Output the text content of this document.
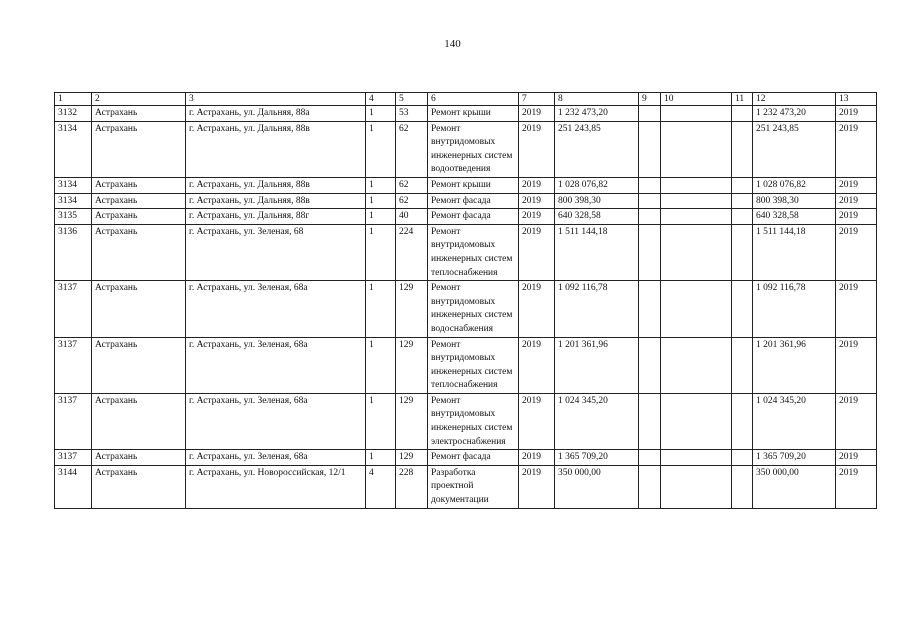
140
1	2	3	4	5	6	7	8	9	10	11	12	13
3132	Астрахань	г. Астрахань, ул. Дальняя, 88а	1	53	Ремонт крыши	2019	1 232 473,20				1 232 473,20	2019
3134	Астрахань	г. Астрахань, ул. Дальняя, 88в	1	62	Ремонт внутридомовых инженерных систем водоотведения	2019	251 243,85				251 243,85	2019
3134	Астрахань	г. Астрахань, ул. Дальняя, 88в	1	62	Ремонт крыши	2019	1 028 076,82				1 028 076,82	2019
3134	Астрахань	г. Астрахань, ул. Дальняя, 88в	1	62	Ремонт фасада	2019	800 398,30				800 398,30	2019
3135	Астрахань	г. Астрахань, ул. Дальняя, 88г	1	40	Ремонт фасада	2019	640 328,58				640 328,58	2019
3136	Астрахань	г. Астрахань, ул. Зеленая, 68	1	224	Ремонт внутридомовых инженерных систем теплоснабжения	2019	1 511 144,18				1 511 144,18	2019
3137	Астрахань	г. Астрахань, ул. Зеленая, 68а	1	129	Ремонт внутридомовых инженерных систем водоснабжения	2019	1 092 116,78				1 092 116,78	2019
3137	Астрахань	г. Астрахань, ул. Зеленая, 68а	1	129	Ремонт внутридомовых инженерных систем теплоснабжения	2019	1 201 361,96				1 201 361,96	2019
3137	Астрахань	г. Астрахань, ул. Зеленая, 68а	1	129	Ремонт внутридомовых инженерных систем электроснабжения	2019	1 024 345,20				1 024 345,20	2019
3137	Астрахань	г. Астрахань, ул. Зеленая, 68а	1	129	Ремонт фасада	2019	1 365 709,20				1 365 709,20	2019
3144	Астрахань	г. Астрахань, ул. Новороссийская, 12/1	4	228	Разработка проектной документации	2019	350 000,00				350 000,00	2019
